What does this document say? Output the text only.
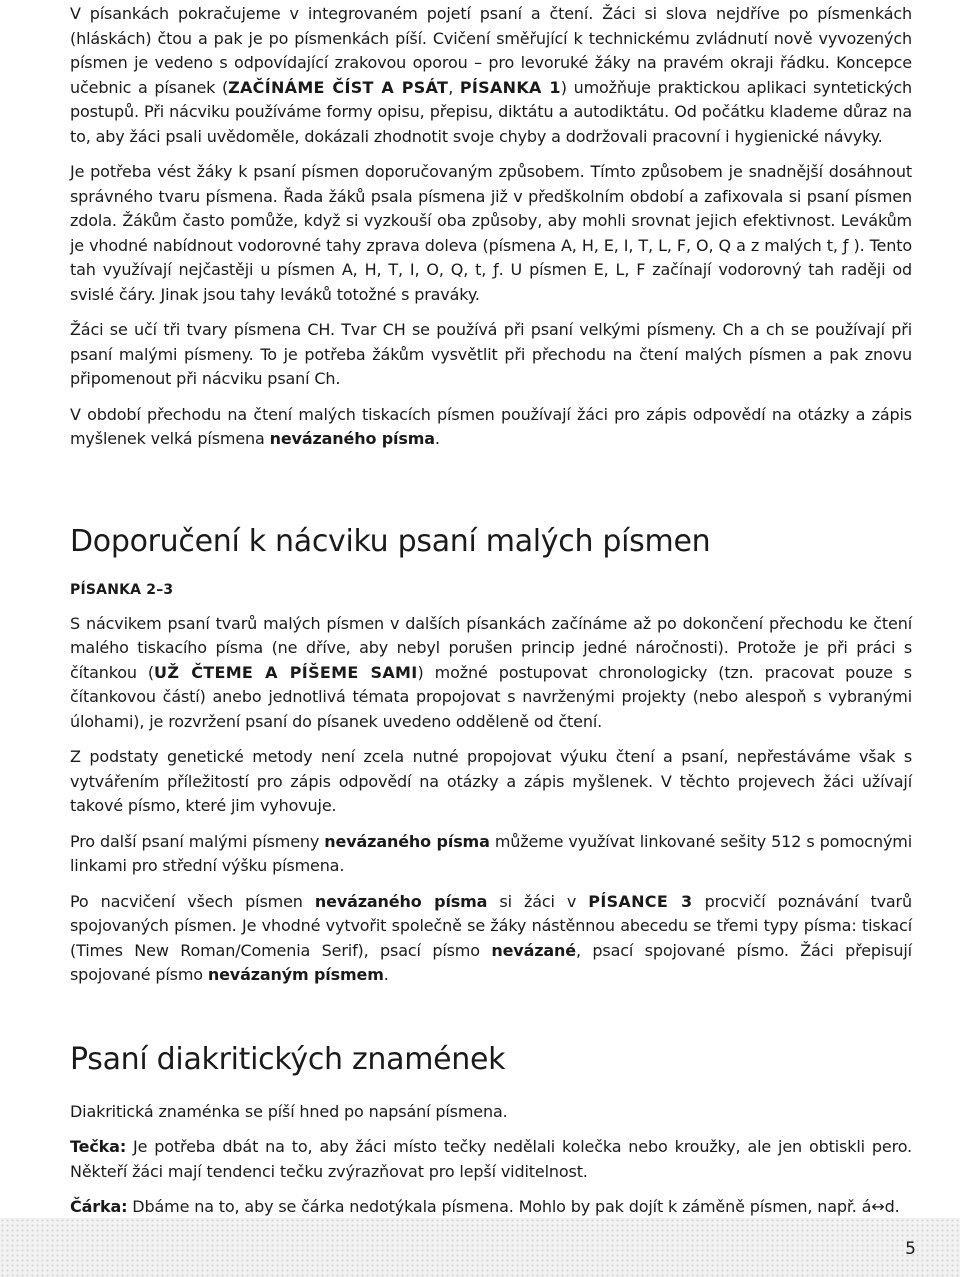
V písankách pokračujeme v integrovaném pojetí psaní a čtení. Žáci si slova nejdříve po písmenkách (hláskách) čtou a pak je po písmenkách píší. Cvičení směřující k technickému zvládnutí nově vyvozených písmen je vedeno s odpovídající zrakovou oporou – pro levoruké žáky na pravém okraji řádku. Koncepce učebnic a písanek (ZAČÍNÁME ČÍST A PSÁT, PÍSANKA 1) umožňuje praktickou aplikaci syntetických postupů. Při nácviku používáme formy opisu, přepisu, diktátu a autodiktátu. Od počátku klademe důraz na to, aby žáci psali uvědoměle, dokázali zhodnotit svoje chyby a dodržovali pracovní i hygienické návyky.

Je potřeba vést žáky k psaní písmen doporučovaným způsobem. Tímto způsobem je snadnější dosáhnout správného tvaru písmena. Řada žáků psala písmena již v předškolním období a zafixovala si psaní písmen zdola. Žákům často pomůže, když si vyzkouší oba způsoby, aby mohli srovnat jejich efektivnost. Levákům je vhodné nabídnout vodorovné tahy zprava doleva (písmena A, H, E, I, T, L, F, O, Q a z malých t, ƒ ). Tento tah využívají nejčastěji u písmen A, H, T, I, O, Q, t, ƒ. U písmen E, L, F začínají vodorovný tah raději od svislé čáry. Jinak jsou tahy leváků totožné s praváky.

Žáci se učí tři tvary písmena CH. Tvar CH se používá při psaní velkými písmeny. Ch a ch se používají při psaní malými písmeny. To je potřeba žákům vysvětlit při přechodu na čtení malých písmen a pak znovu připomenout při nácviku psaní Ch.

V období přechodu na čtení malých tiskacích písmen používají žáci pro zápis odpovědí na otázky a zápis myšlenek velká písmena nevázaného písma.

Doporučení k nácviku psaní malých písmen
PÍSANKA 2–3

S nácvikem psaní tvarů malých písmen v dalších písankách začínáme až po dokončení přechodu ke čtení malého tiskacího písma (ne dříve, aby nebyl porušen princip jedné náročnosti). Protože je při práci s čítankou (UŽ ČTEME A PÍŠEME SAMI) možné postupovat chronologicky (tzn. pracovat pouze s čítankovou částí) anebo jednotlivá témata propojovat s navrženými projekty (nebo alespoň s vybranými úlohami), je rozvržení psaní do písanek uvedeno odděleně od čtení.

Z podstaty genetické metody není zcela nutné propojovat výuku čtení a psaní, nepřestáváme však s vytvářením příležitostí pro zápis odpovědí na otázky a zápis myšlenek. V těchto projevech žáci užívají takové písmo, které jim vyhovuje.

Pro další psaní malými písmeny nevázaného písma můžeme využívat linkované sešity 512 s pomocnými linkami pro střední výšku písmena.

Po nacvičení všech písmen nevázaného písma si žáci v PÍSANCE 3 procvičí poznávání tvarů spojovaných písmen. Je vhodné vytvořit společně se žáky nástěnnou abecedu se třemi typy písma: tiskací (Times New Roman/Comenia Serif), psací písmo nevázané, psací spojované písmo. Žáci přepisují spojované písmo nevázaným písmem.

Psaní diakritických znamének

Diakritická znaménka se píší hned po napsání písmena.

Tečka: Je potřeba dbát na to, aby žáci místo tečky nedělali kolečka nebo kroužky, ale jen obtiskli pero. Někteří žáci mají tendenci tečku zvýrazňovat pro lepší viditelnost.

Čárka: Dbáme na to, aby se čárka nedotýkala písmena. Mohlo by pak dojít k záměně písmen, např. á↔d.

5
